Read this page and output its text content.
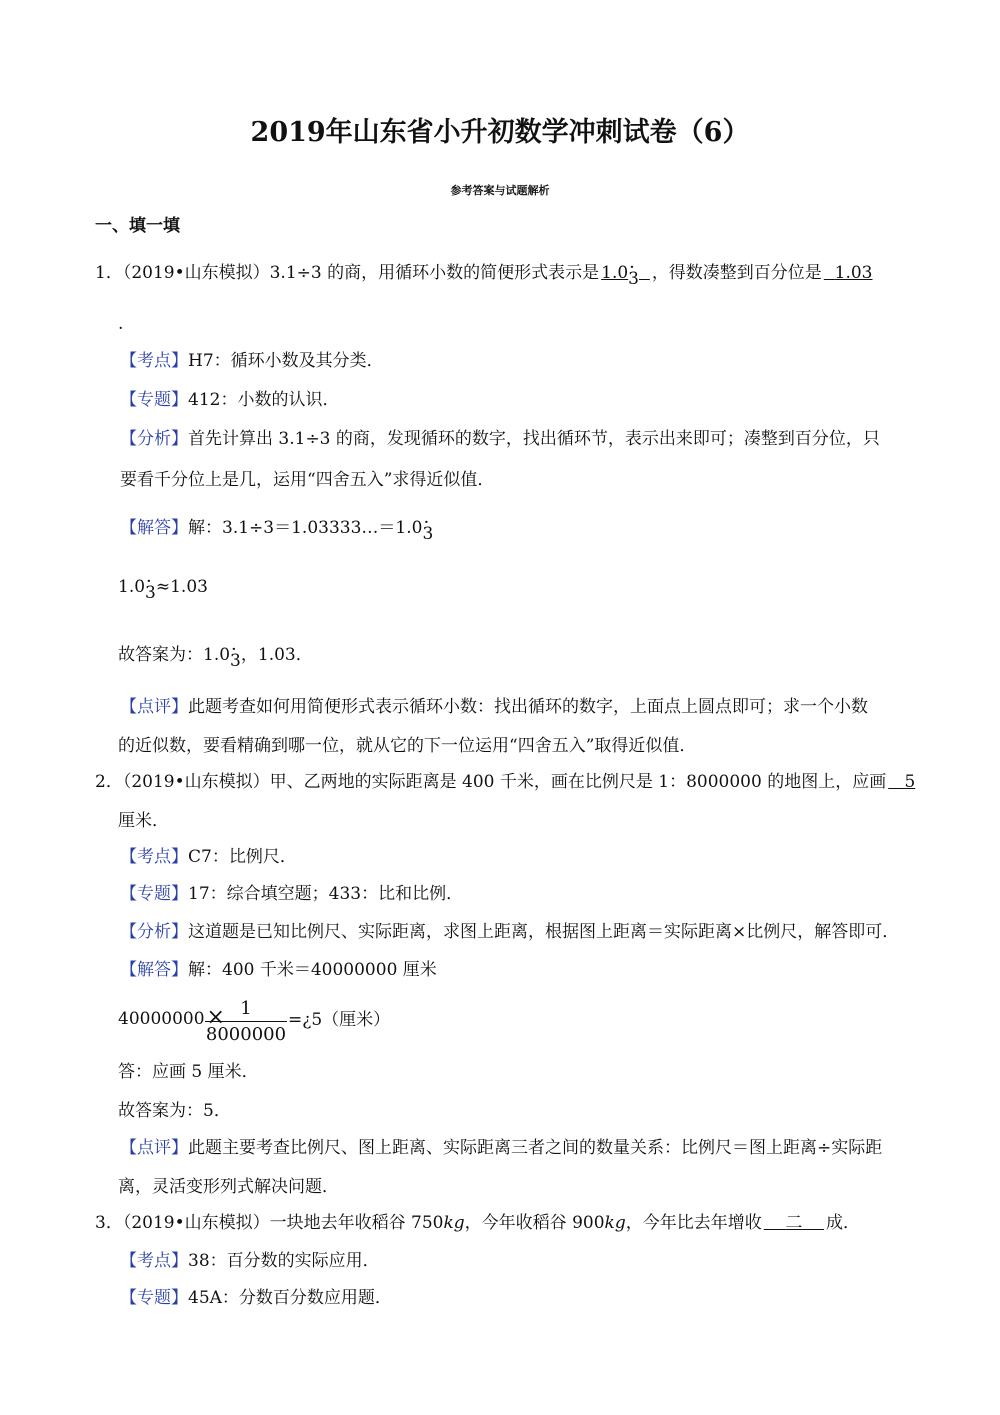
2019年山东省小升初数学冲刺试卷（6）
参考答案与试题解析
一、填一填
1．（2019•山东模拟）3.1÷3 的商，用循环小数的简便形式表示是 1.0· 3 ，得数凑整到百分位是 1.03
.
【考点】H7：循环小数及其分类．
【专题】412：小数的认识．
【分析】首先计算出 3.1÷3 的商，发现循环的数字，找出循环节，表示出来即可；凑整到百分位，只
要看千分位上是几，运用“四舍五入”求得近似值．
【解答】解：3.1÷3＝1.03333…＝1.0· 3
1.0· 3≈1.03
故答案为：1.0· 3，1.03．
【点评】此题考查如何用简便形式表示循环小数：找出循环的数字，上面点上圆点即可；求一个小数
的近似数，要看精确到哪一位，就从它的下一位运用“四舍五入”取得近似值．
2．（2019•山东模拟）甲、乙两地的实际距离是 400 千米，画在比例尺是 1：8000000 的地图上，应画 5
厘米．
【考点】C7：比例尺．
【专题】17：综合填空题；433：比和比例．
【分析】这道题是已知比例尺、实际距离，求图上距离，根据图上距离＝实际距离×比例尺，解答即可．
【解答】解：400 千米＝40000000 厘米
40000000×
$\frac{1}{8000000}$ =¿5（厘米）
答：应画 5 厘米．
故答案为：5．
【点评】此题主要考查比例尺、图上距离、实际距离三者之间的数量关系：比例尺＝图上距离÷实际距
离，灵活变形列式解决问题．
3．（2019•山东模拟）一块地去年收稻谷 750kg，今年收稻谷 900kg，今年比去年增收 二 成．
【考点】38：百分数的实际应用．
【专题】45A：分数百分数应用题．
